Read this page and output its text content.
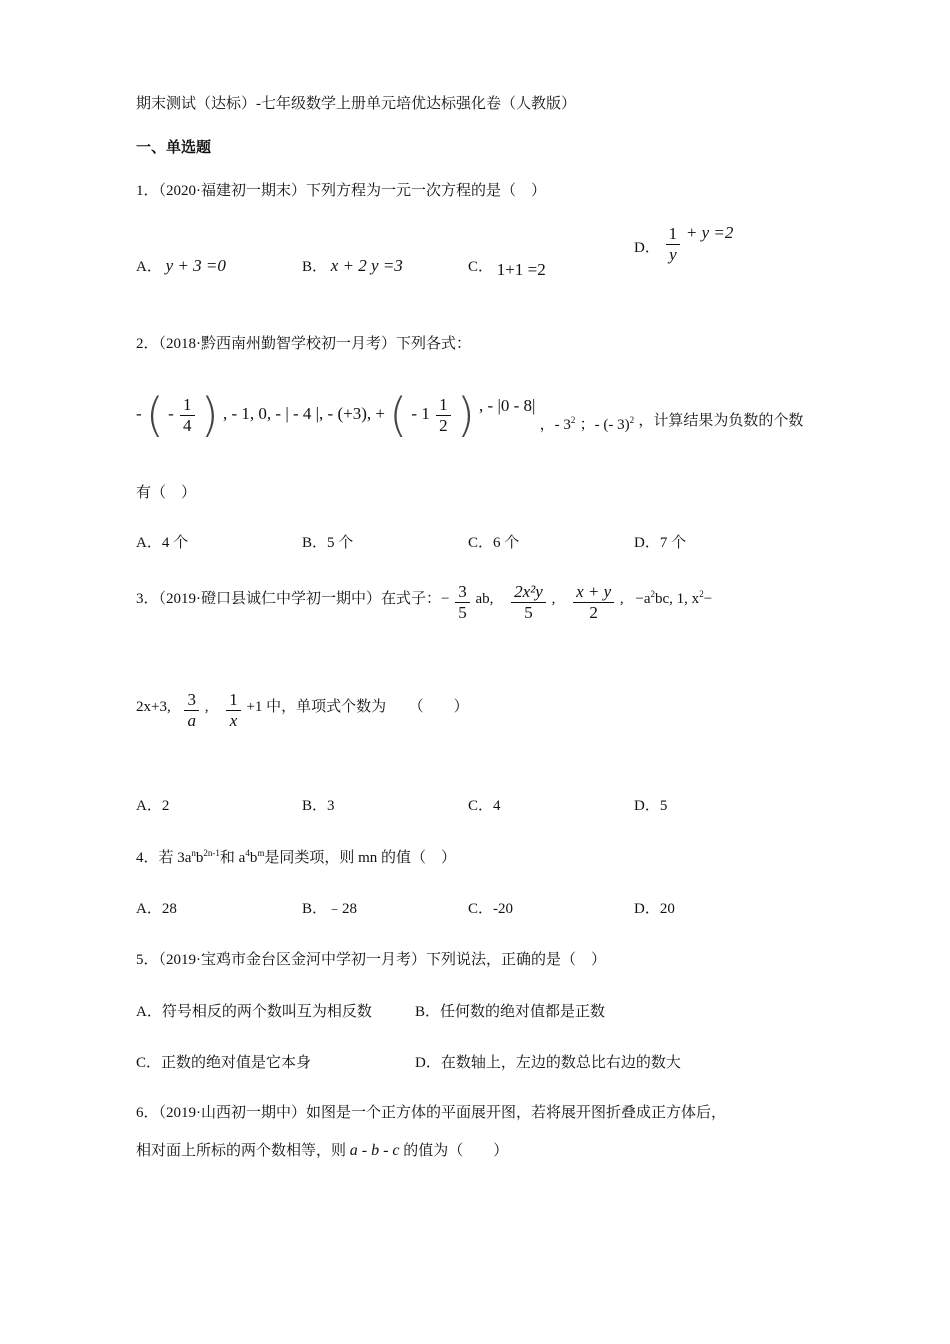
期末测试（达标）-七年级数学上册单元培优达标强化卷（人教版）
一、单选题
1．（2020·福建初一期末）下列方程为一元一次方程的是（　）
A． y + 3 =0	B． x + 2 y =3	C． 1+1 =2
D． $\frac{1}{y} + y =2$
2．（2018·黔西南州勤智学校初一月考）下列各式：
- ( - $\frac{1}{4}$ ) , - 1, 0, - | - 4 |, - (+3), + ( - $1 \frac{1}{2}$ ) , - |0 - 8| ，- $3^2$ ；- (- 3)$^2$ ，计算结果为负数的个数
有（　）
A．4 个	B．5 个	C．6 个	D．7 个
3．（2019·磴口县诚仁中学初一期中）在式子：− $\frac{3}{5}$ ab, $\frac{\text{2x²y}}{5}$ , $\frac{x + y}{2}$ , $-a^2bc$, 1, $x^2-$
2x+3, $\frac{3}{a}$ , $\frac{1}{x} +1$ 中，单项式个数为　　（　　）
A．2	B．3	C．4	D．5
4．若 $3a^nb^{2n-1}$和 $a^4b^m$是同类项，则 mn 的值（　）
A．28	B．﹣28	C．-20	D．20
5．（2019·宝鸡市金台区金河中学初一月考）下列说法，正确的是（　）
A．符号相反的两个数叫互为相反数	B．任何数的绝对值都是正数
C．正数的绝对值是它本身	D．在数轴上，左边的数总比右边的数大
6．（2019·山西初一期中）如图是一个正方体的平面展开图，若将展开图折叠成正方体后，
相对面上所标的两个数相等，则 a - b - c 的值为（　　）
